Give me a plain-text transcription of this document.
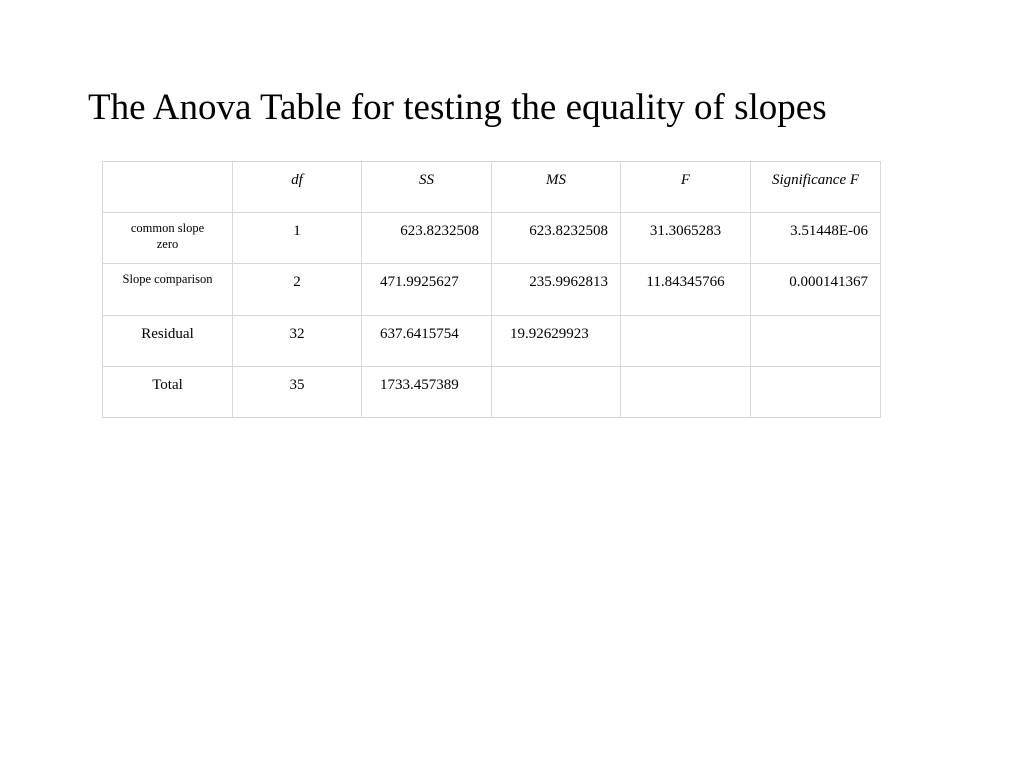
The Anova Table for testing the equality of slopes

	df	SS	MS	F	Significance F

common slope zero	1	623.8232508	623.8232508	31.3065283	3.51448E-06

Slope comparison	2	471.9925627	235.9962813	11.84345766	0.000141367

Residual	32	637.6415754	19.92629923		

Total	35	1733.457389			
